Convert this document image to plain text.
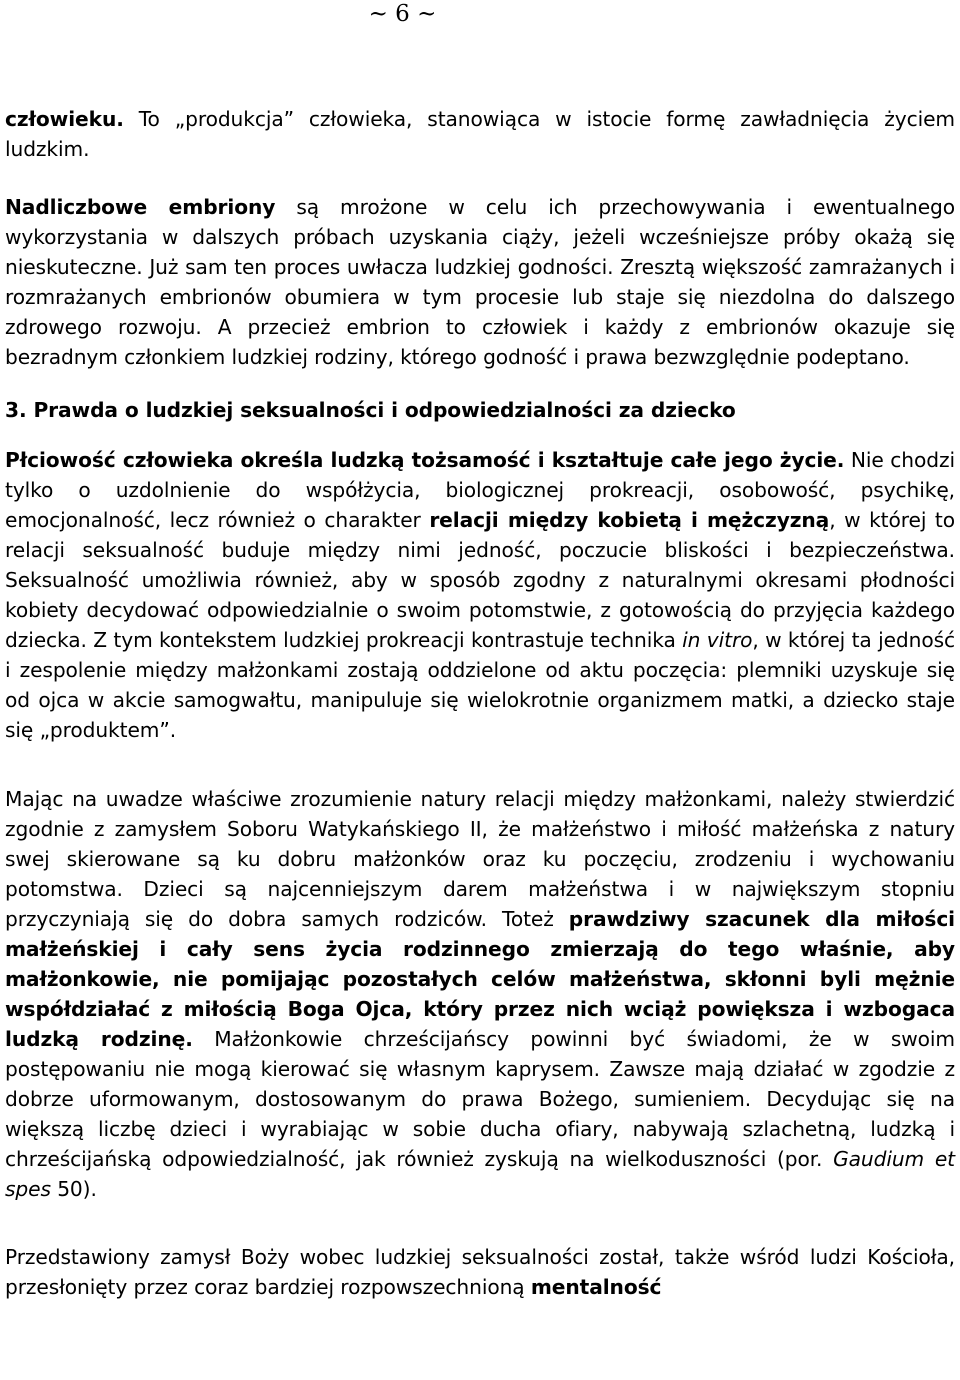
~ 6 ~

człowieku. To „produkcja” człowieka, stanowiąca w istocie formę zawładnięcia życiem ludzkim.

Nadliczbowe embriony są mrożone w celu ich przechowywania i ewentualnego wykorzystania w dalszych próbach uzyskania ciąży, jeżeli wcześniejsze próby okażą się nieskuteczne. Już sam ten proces uwłacza ludzkiej godności. Zresztą większość zamrażanych i rozmrażanych embrionów obumiera w tym procesie lub staje się niezdolna do dalszego zdrowego rozwoju. A przecież embrion to człowiek i każdy z embrionów okazuje się bezradnym członkiem ludzkiej rodziny, którego godność i prawa bezwzględnie podeptano.

3. Prawda o ludzkiej seksualności i odpowiedzialności za dziecko

Płciowość człowieka określa ludzką tożsamość i kształtuje całe jego życie. Nie chodzi tylko o uzdolnienie do współżycia, biologicznej prokreacji, osobowość, psychikę, emocjonalność, lecz również o charakter relacji między kobietą i mężczyzną, w której to relacji seksualność buduje między nimi jedność, poczucie bliskości i bezpieczeństwa. Seksualność umożliwia również, aby w sposób zgodny z naturalnymi okresami płodności kobiety decydować odpowiedzialnie o swoim potomstwie, z gotowością do przyjęcia każdego dziecka. Z tym kontekstem ludzkiej prokreacji kontrastuje technika in vitro, w której ta jedność i zespolenie między małżonkami zostają oddzielone od aktu poczęcia: plemniki uzyskuje się od ojca w akcie samogwałtu, manipuluje się wielokrotnie organizmem matki, a dziecko staje się „produktem”.

Mając na uwadze właściwe zrozumienie natury relacji między małżonkami, należy stwierdzić zgodnie z zamysłem Soboru Watykańskiego II, że małżeństwo i miłość małżeńska z natury swej skierowane są ku dobru małżonków oraz ku poczęciu, zrodzeniu i wychowaniu potomstwa. Dzieci są najcenniejszym darem małżeństwa i w największym stopniu przyczyniają się do dobra samych rodziców. Toteż prawdziwy szacunek dla miłości małżeńskiej i cały sens życia rodzinnego zmierzają do tego właśnie, aby małżonkowie, nie pomijając pozostałych celów małżeństwa, skłonni byli mężnie współdziałać z miłością Boga Ojca, który przez nich wciąż powiększa i wzbogaca ludzką rodzinę. Małżonkowie chrześcijańscy powinni być świadomi, że w swoim postępowaniu nie mogą kierować się własnym kaprysem. Zawsze mają działać w zgodzie z dobrze uformowanym, dostosowanym do prawa Bożego, sumieniem. Decydując się na większą liczbę dzieci i wyrabiając w sobie ducha ofiary, nabywają szlachetną, ludzką i chrześcijańską odpowiedzialność, jak również zyskują na wielkoduszności (por. Gaudium et spes 50).

Przedstawiony zamysł Boży wobec ludzkiej seksualności został, także wśród ludzi Kościoła, przesłonięty przez coraz bardziej rozpowszechnioną mentalność
